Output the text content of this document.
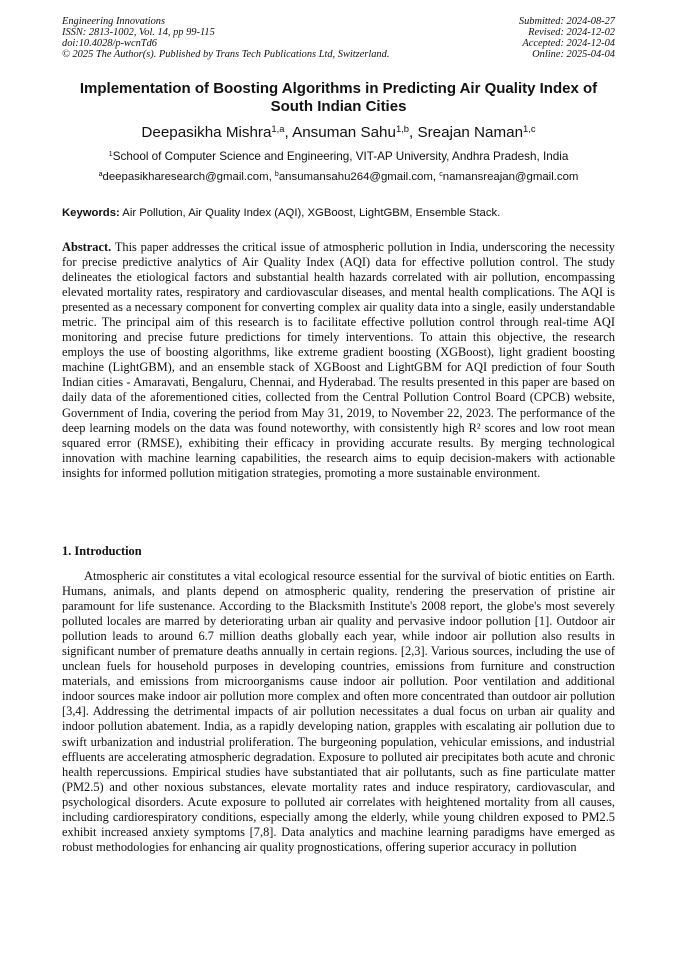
Engineering Innovations
ISSN: 2813-1002, Vol. 14, pp 99-115
doi:10.4028/p-wcnTd6
© 2025 The Author(s). Published by Trans Tech Publications Ltd, Switzerland.
Submitted: 2024-08-27
Revised: 2024-12-02
Accepted: 2024-12-04
Online: 2025-04-04
Implementation of Boosting Algorithms in Predicting Air Quality Index of South Indian Cities
Deepasikha Mishra$^{1,a}$, Ansuman Sahu$^{1,b}$, Sreajan Naman$^{1,c}$
$^1$School of Computer Science and Engineering, VIT-AP University, Andhra Pradesh, India
$^a$deepasikharesearch@gmail.com, $^b$ansumansahu264@gmail.com, $^c$namansreajan@gmail.com
Keywords: Air Pollution, Air Quality Index (AQI), XGBoost, LightGBM, Ensemble Stack.

Abstract. This paper addresses the critical issue of atmospheric pollution in India, underscoring the necessity for precise predictive analytics of Air Quality Index (AQI) data for effective pollution control. The study delineates the etiological factors and substantial health hazards correlated with air pollution, encompassing elevated mortality rates, respiratory and cardiovascular diseases, and mental health complications. The AQI is presented as a necessary component for converting complex air quality data into a single, easily understandable metric. The principal aim of this research is to facilitate effective pollution control through real-time AQI monitoring and precise future predictions for timely interventions. To attain this objective, the research employs the use of boosting algorithms, like extreme gradient boosting (XGBoost), light gradient boosting machine (LightGBM), and an ensemble stack of XGBoost and LightGBM for AQI prediction of four South Indian cities - Amaravati, Bengaluru, Chennai, and Hyderabad. The results presented in this paper are based on daily data of the aforementioned cities, collected from the Central Pollution Control Board (CPCB) website, Government of India, covering the period from May 31, 2019, to November 22, 2023. The performance of the deep learning models on the data was found noteworthy, with consistently high R² scores and low root mean squared error (RMSE), exhibiting their efficacy in providing accurate results. By merging technological innovation with machine learning capabilities, the research aims to equip decision-makers with actionable insights for informed pollution mitigation strategies, promoting a more sustainable environment.

1. Introduction

Atmospheric air constitutes a vital ecological resource essential for the survival of biotic entities on Earth. Humans, animals, and plants depend on atmospheric quality, rendering the preservation of pristine air paramount for life sustenance. According to the Blacksmith Institute's 2008 report, the globe's most severely polluted locales are marred by deteriorating urban air quality and pervasive indoor pollution [1]. Outdoor air pollution leads to around 6.7 million deaths globally each year, while indoor air pollution also results in significant number of premature deaths annually in certain regions. [2,3]. Various sources, including the use of unclean fuels for household purposes in developing countries, emissions from furniture and construction materials, and emissions from microorganisms cause indoor air pollution. Poor ventilation and additional indoor sources make indoor air pollution more complex and often more concentrated than outdoor air pollution [3,4]. Addressing the detrimental impacts of air pollution necessitates a dual focus on urban air quality and indoor pollution abatement. India, as a rapidly developing nation, grapples with escalating air pollution due to swift urbanization and industrial proliferation. The burgeoning population, vehicular emissions, and industrial effluents are accelerating atmospheric degradation. Exposure to polluted air precipitates both acute and chronic health repercussions. Empirical studies have substantiated that air pollutants, such as fine particulate matter (PM2.5) and other noxious substances, elevate mortality rates and induce respiratory, cardiovascular, and psychological disorders. Acute exposure to polluted air correlates with heightened mortality from all causes, including cardiorespiratory conditions, especially among the elderly, while young children exposed to PM2.5 exhibit increased anxiety symptoms [7,8]. Data analytics and machine learning paradigms have emerged as robust methodologies for enhancing air quality prognostications, offering superior accuracy in pollution
